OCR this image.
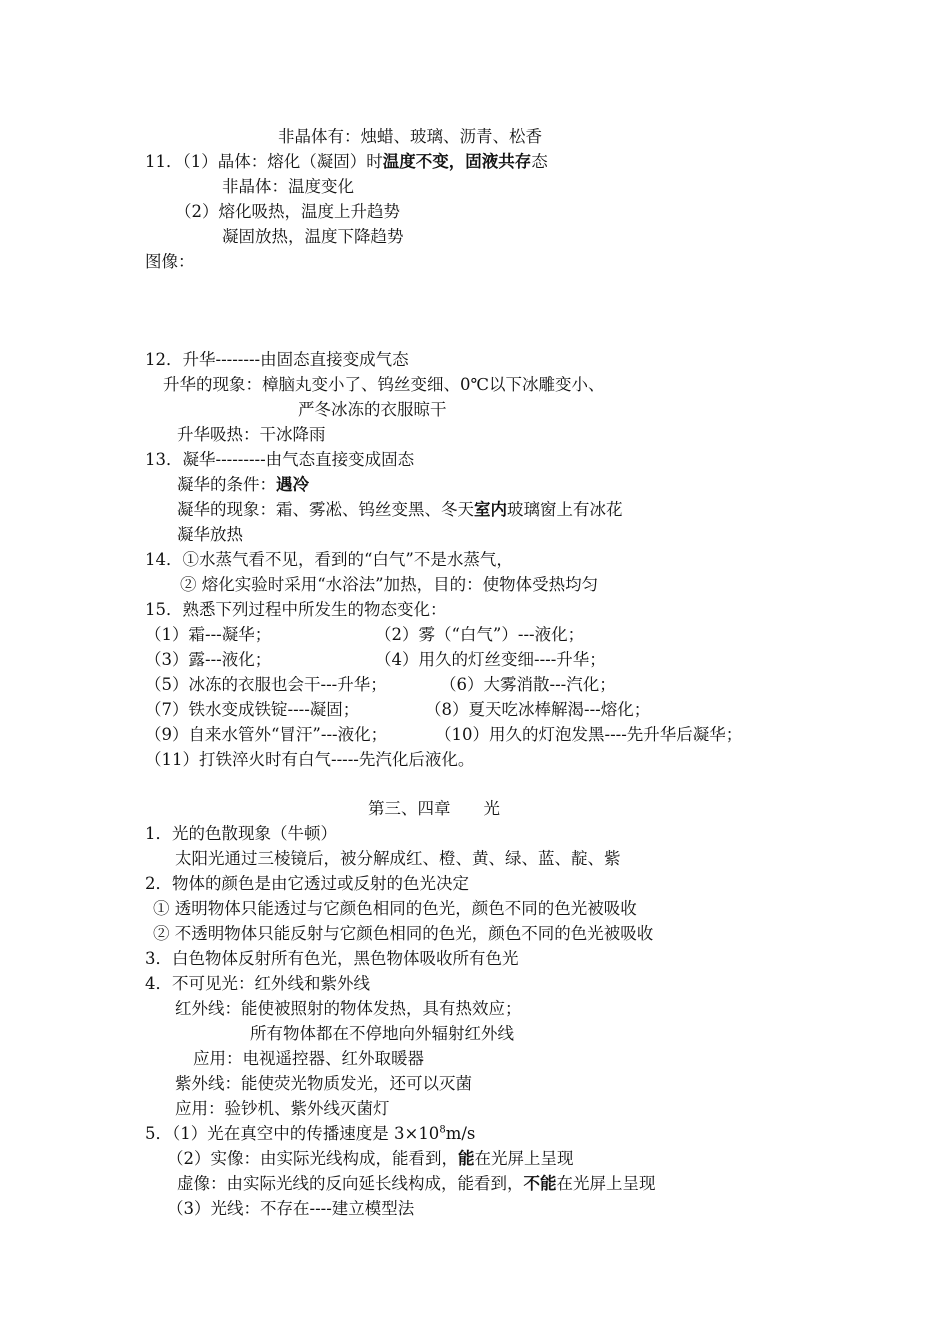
非晶体有：烛蜡、玻璃、沥青、松香
11．（1）晶体：熔化（凝固）时温度不变，固液共存态
非晶体：温度变化
（2）熔化吸热，温度上升趋势
凝固放热，温度下降趋势
图像：
12．升华--------由固态直接变成气态
升华的现象：樟脑丸变小了、钨丝变细、0℃以下冰雕变小、
严冬冰冻的衣服晾干
升华吸热：干冰降雨
13．凝华---------由气态直接变成固态
凝华的条件：遇冷
凝华的现象：霜、雾凇、钨丝变黑、冬天室内玻璃窗上有冰花
凝华放热
14．①水蒸气看不见，看到的“白气”不是水蒸气，
② 熔化实验时采用“水浴法”加热，目的：使物体受热均匀
15．熟悉下列过程中所发生的物态变化：
（1）霜---凝华；	（2）雾（“白气”）---液化；
（3）露---液化；	（4）用久的灯丝变细----升华；
（5）冰冻的衣服也会干---升华；	（6）大雾消散---汽化；
（7）铁水变成铁锭----凝固；	（8）夏天吃冰棒解渴---熔化；
（9）自来水管外“冒汗”---液化；	（10）用久的灯泡发黑----先升华后凝华；
（11）打铁淬火时有白气-----先汽化后液化。
第三、四章　　光
1．光的色散现象（牛顿）
太阳光通过三棱镜后，被分解成红、橙、黄、绿、蓝、靛、紫
2．物体的颜色是由它透过或反射的色光决定
① 透明物体只能透过与它颜色相同的色光，颜色不同的色光被吸收
② 不透明物体只能反射与它颜色相同的色光，颜色不同的色光被吸收
3．白色物体反射所有色光，黑色物体吸收所有色光
4．不可见光：红外线和紫外线
红外线：能使被照射的物体发热，具有热效应；
所有物体都在不停地向外辐射红外线
应用：电视遥控器、红外取暖器
紫外线：能使荧光物质发光，还可以灭菌
应用：验钞机、紫外线灭菌灯
5．（1）光在真空中的传播速度是 $3\times 10^8m/s$
（2）实像：由实际光线构成，能看到，能在光屏上呈现
虚像：由实际光线的反向延长线构成，能看到，不能在光屏上呈现
（3）光线：不存在----建立模型法
